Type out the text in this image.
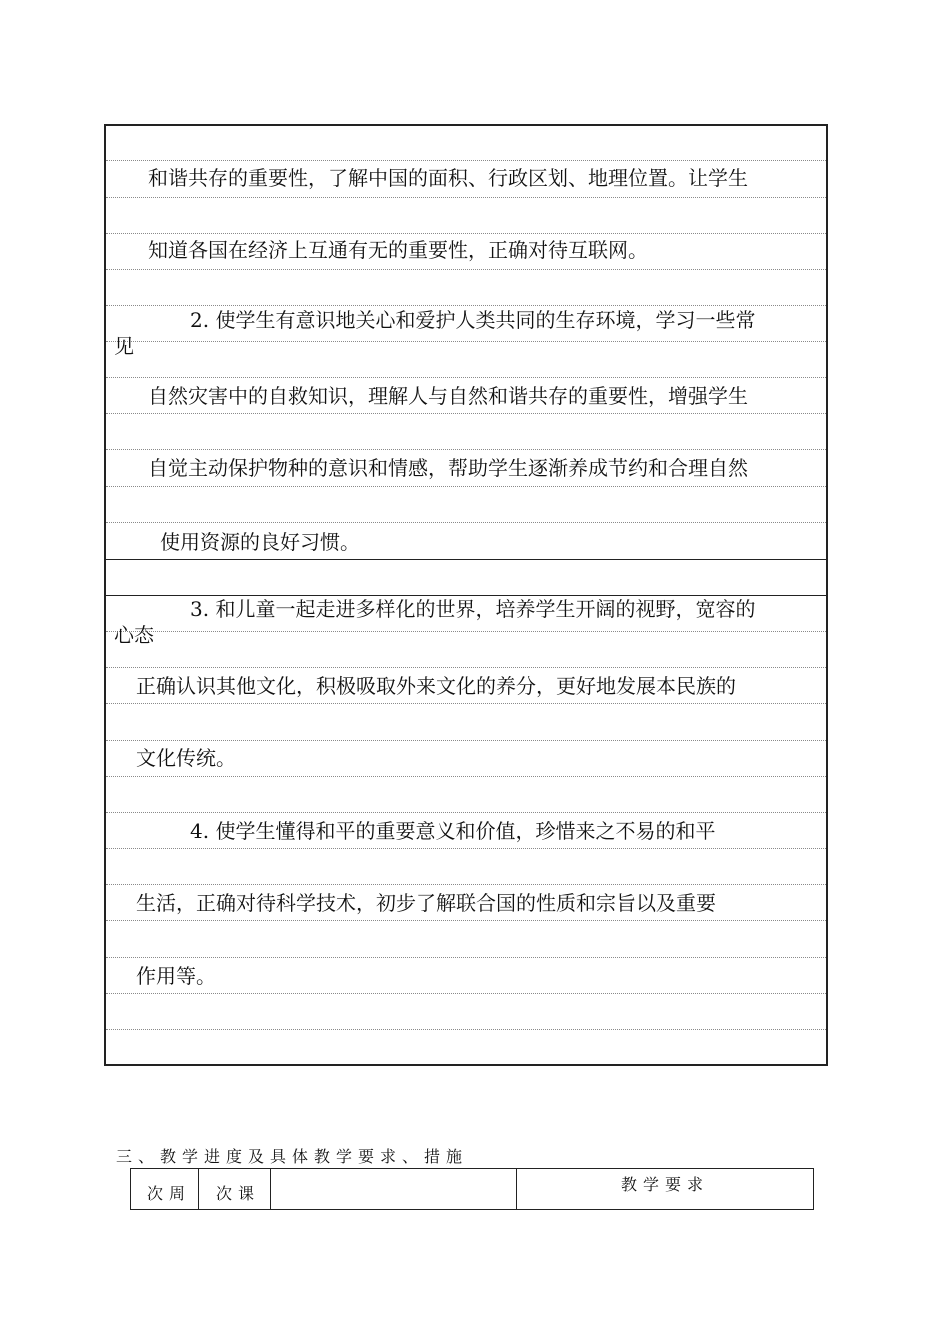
和谐共存的重要性，了解中国的面积、行政区划、地理位置。让学生
知道各国在经济上互通有无的重要性，正确对待互联网。
2. 使学生有意识地关心和爱护人类共同的生存环境，学习一些常
见
自然灾害中的自救知识，理解人与自然和谐共存的重要性，增强学生
自觉主动保护物种的意识和情感，帮助学生逐渐养成节约和合理自然
使用资源的良好习惯。
3. 和儿童一起走进多样化的世界，培养学生开阔的视野，宽容的
心态
正确认识其他文化，积极吸取外来文化的养分，更好地发展本民族的
文化传统。
4. 使学生懂得和平的重要意义和价值，珍惜来之不易的和平
生活，正确对待科学技术，初步了解联合国的性质和宗旨以及重要
作用等。
三、教学进度及具体教学要求、措施
次周 次课	教学要求
